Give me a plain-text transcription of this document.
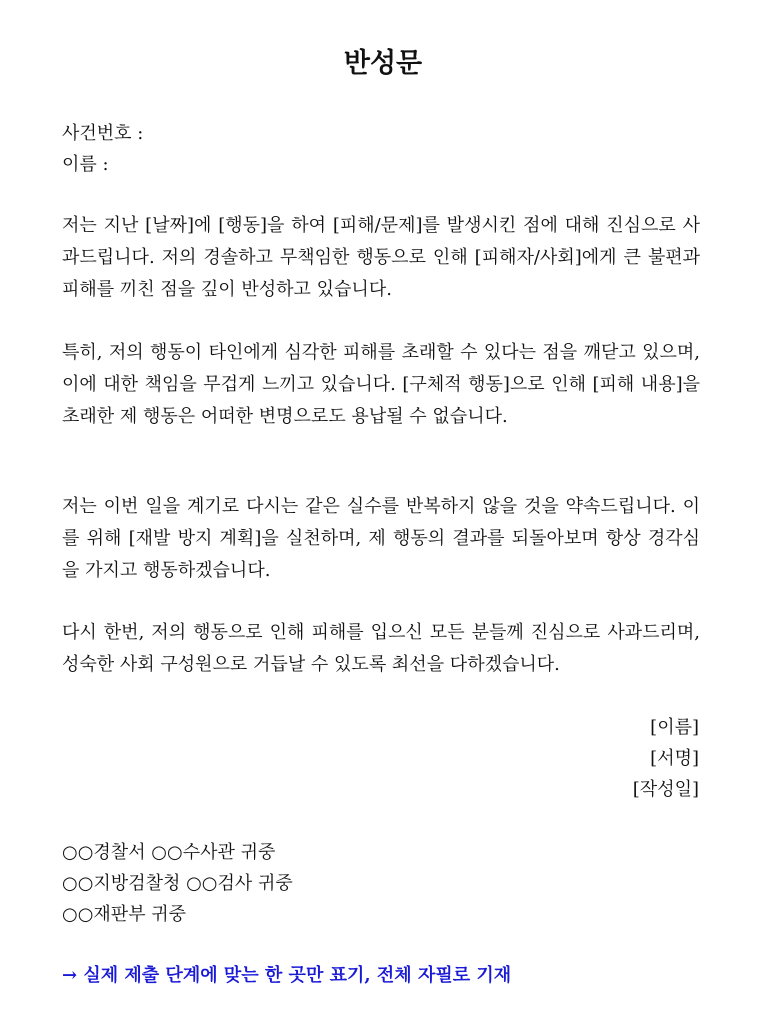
반성문
사건번호 :
이름 :
저는 지난 [날짜]에 [행동]을 하여 [피해/문제]를 발생시킨 점에 대해 진심으로 사과드립니다. 저의 경솔하고 무책임한 행동으로 인해 [피해자/사회]에게 큰 불편과 피해를 끼친 점을 깊이 반성하고 있습니다.
특히, 저의 행동이 타인에게 심각한 피해를 초래할 수 있다는 점을 깨닫고 있으며, 이에 대한 책임을 무겁게 느끼고 있습니다. [구체적 행동]으로 인해 [피해 내용]을 초래한 제 행동은 어떠한 변명으로도 용납될 수 없습니다.
저는 이번 일을 계기로 다시는 같은 실수를 반복하지 않을 것을 약속드립니다. 이를 위해 [재발 방지 계획]을 실천하며, 제 행동의 결과를 되돌아보며 항상 경각심을 가지고 행동하겠습니다.
다시 한번, 저의 행동으로 인해 피해를 입으신 모든 분들께 진심으로 사과드리며, 성숙한 사회 구성원으로 거듭날 수 있도록 최선을 다하겠습니다.
[이름]
[서명]
[작성일]
○○경찰서 ○○수사관 귀중
○○지방검찰청 ○○검사 귀중
○○재판부 귀중
→ 실제 제출 단계에 맞는 한 곳만 표기, 전체 자필로 기재
